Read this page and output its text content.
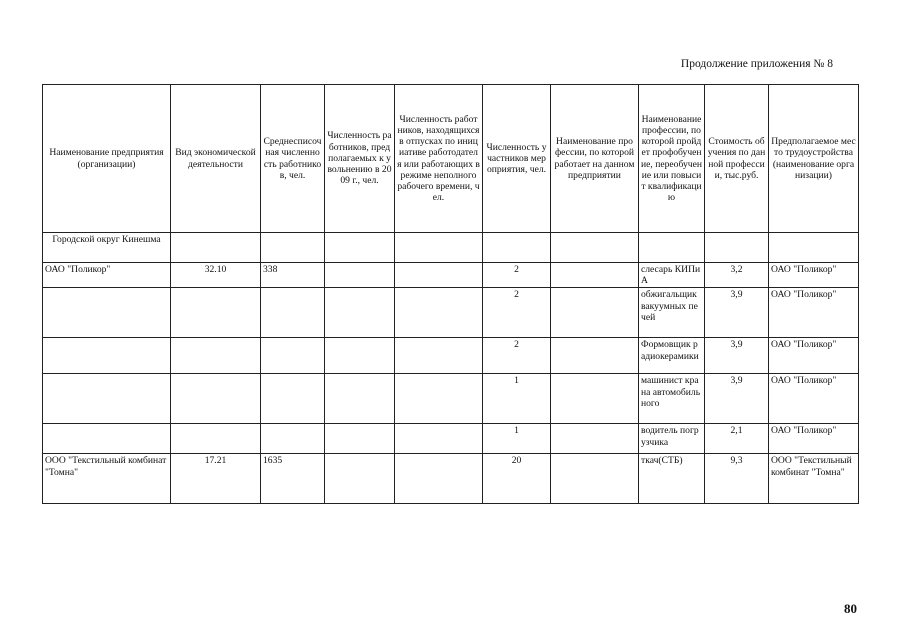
Продолжение приложения № 8
Наименование предприятия (организации)	Вид экономической деятельности	Среднесписочная численность работников, чел.	Численность работников, предполагаемых к увольнению в 2009 г., чел.	Численность работников, находящихся в отпусках по инициативе работодателя или работающих в режиме неполного рабочего времени, чел.	Численность участников мероприятия, чел.	Наименование профессии, по которой работает на данном предприятии	Наименование профессии, по которой пройдет профобучение, переобучение или повысит квалификацию	Стоимость обучения по данной профессии, тыс.руб.	Предполагаемое место трудоустройства (наименование организации)
Городской округ Кинешма									
ОАО "Поликор"	32.10	338			2		слесарь КИПиА	3,2	ОАО "Поликор"
					2		обжигальщик вакуумных печей	3,9	ОАО "Поликор"
					2		Формовщик радиокерамики	3,9	ОАО "Поликор"
					1		машинист крана автомобильного	3,9	ОАО "Поликор"
					1		водитель погрузчика	2,1	ОАО "Поликор"
ООО "Текстильный комбинат "Томна"	17.21	1635			20		ткач(СТБ)	9,3	ООО "Текстильный комбинат "Томна"
80
